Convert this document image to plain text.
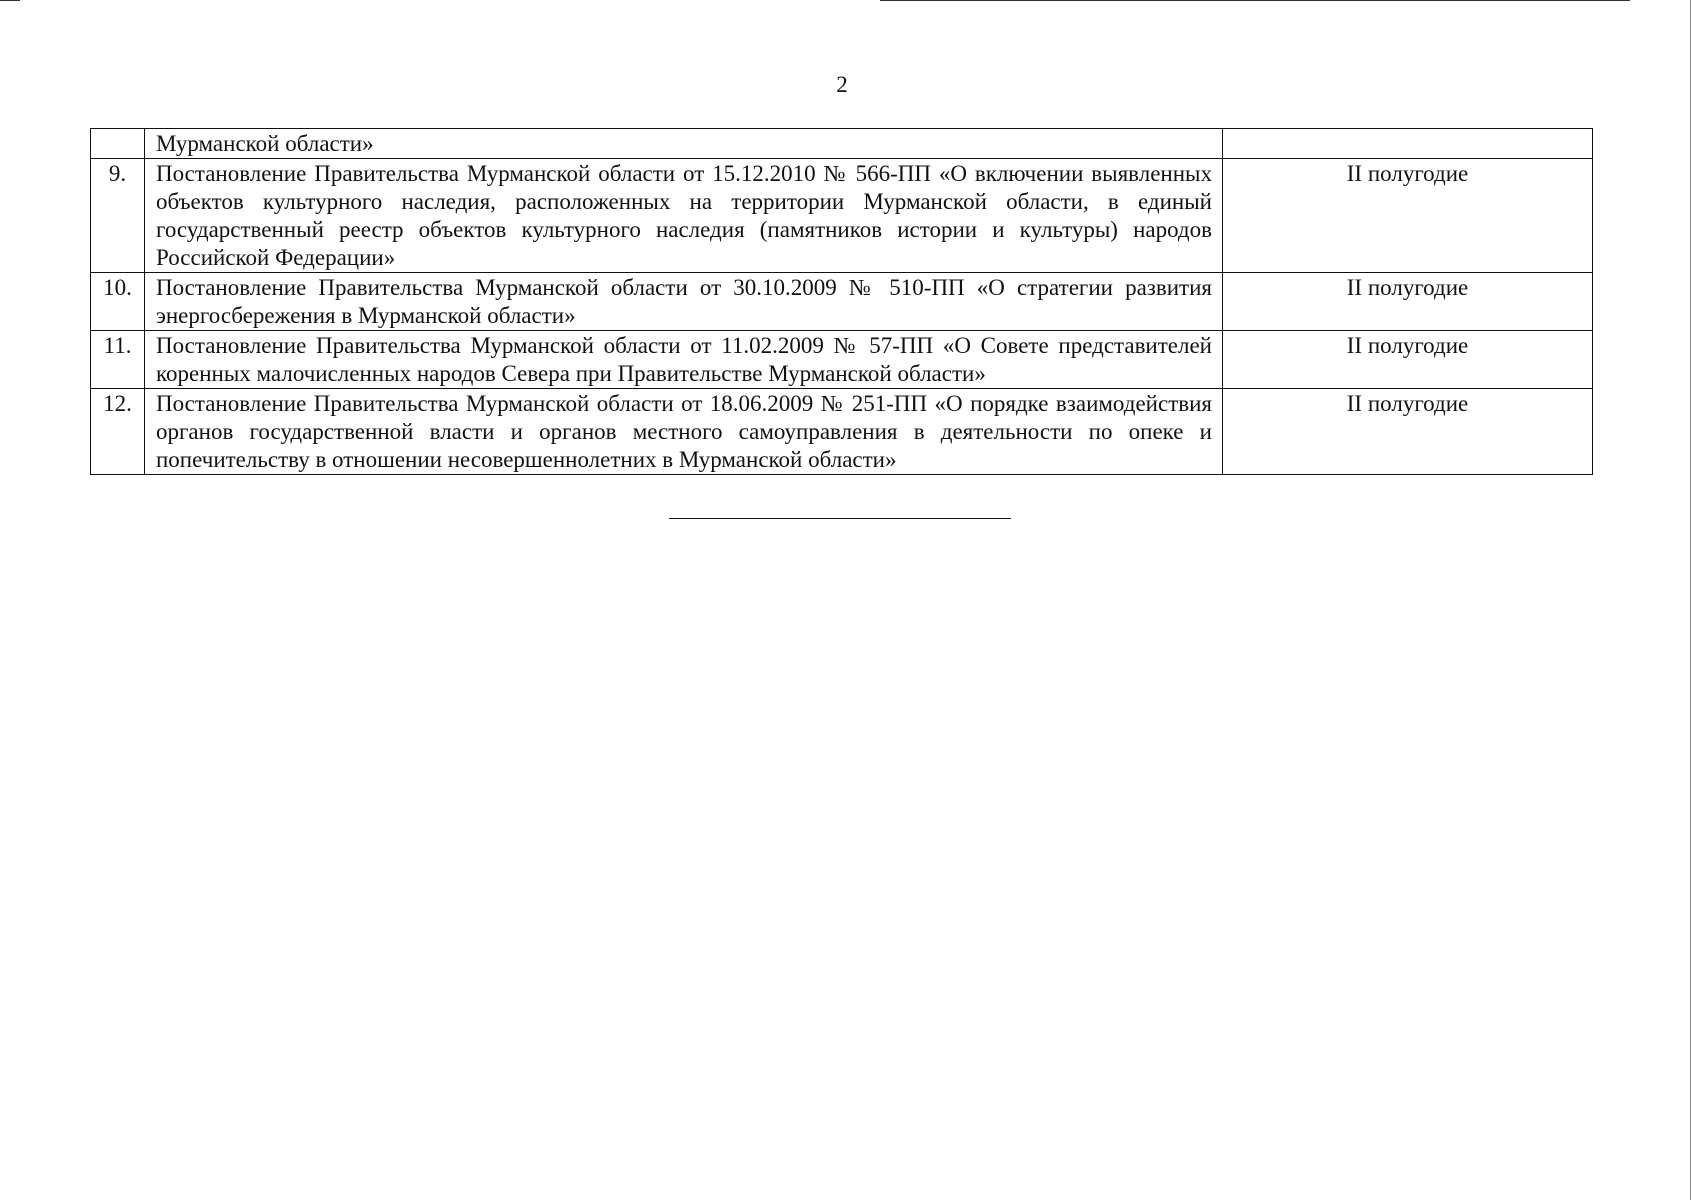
2
	Мурманской области»	
9.	Постановление Правительства Мурманской области от 15.12.2010 № 566-ПП «О включении выявленных объектов культурного наследия, расположенных на территории Мурманской области, в единый государственный реестр объектов культурного наследия (памятников истории и культуры) народов Российской Федерации»	II полугодие
10.	Постановление Правительства Мурманской области от 30.10.2009 № 510-ПП «О стратегии развития энергосбережения в Мурманской области»	II полугодие
11.	Постановление Правительства Мурманской области от 11.02.2009 № 57-ПП «О Совете представителей коренных малочисленных народов Севера при Правительстве Мурманской области»	II полугодие
12.	Постановление Правительства Мурманской области от 18.06.2009 № 251-ПП «О порядке взаимодействия органов государственной власти и органов местного самоуправления в деятельности по опеке и попечительству в отношении несовершеннолетних в Мурманской области»	II полугодие
